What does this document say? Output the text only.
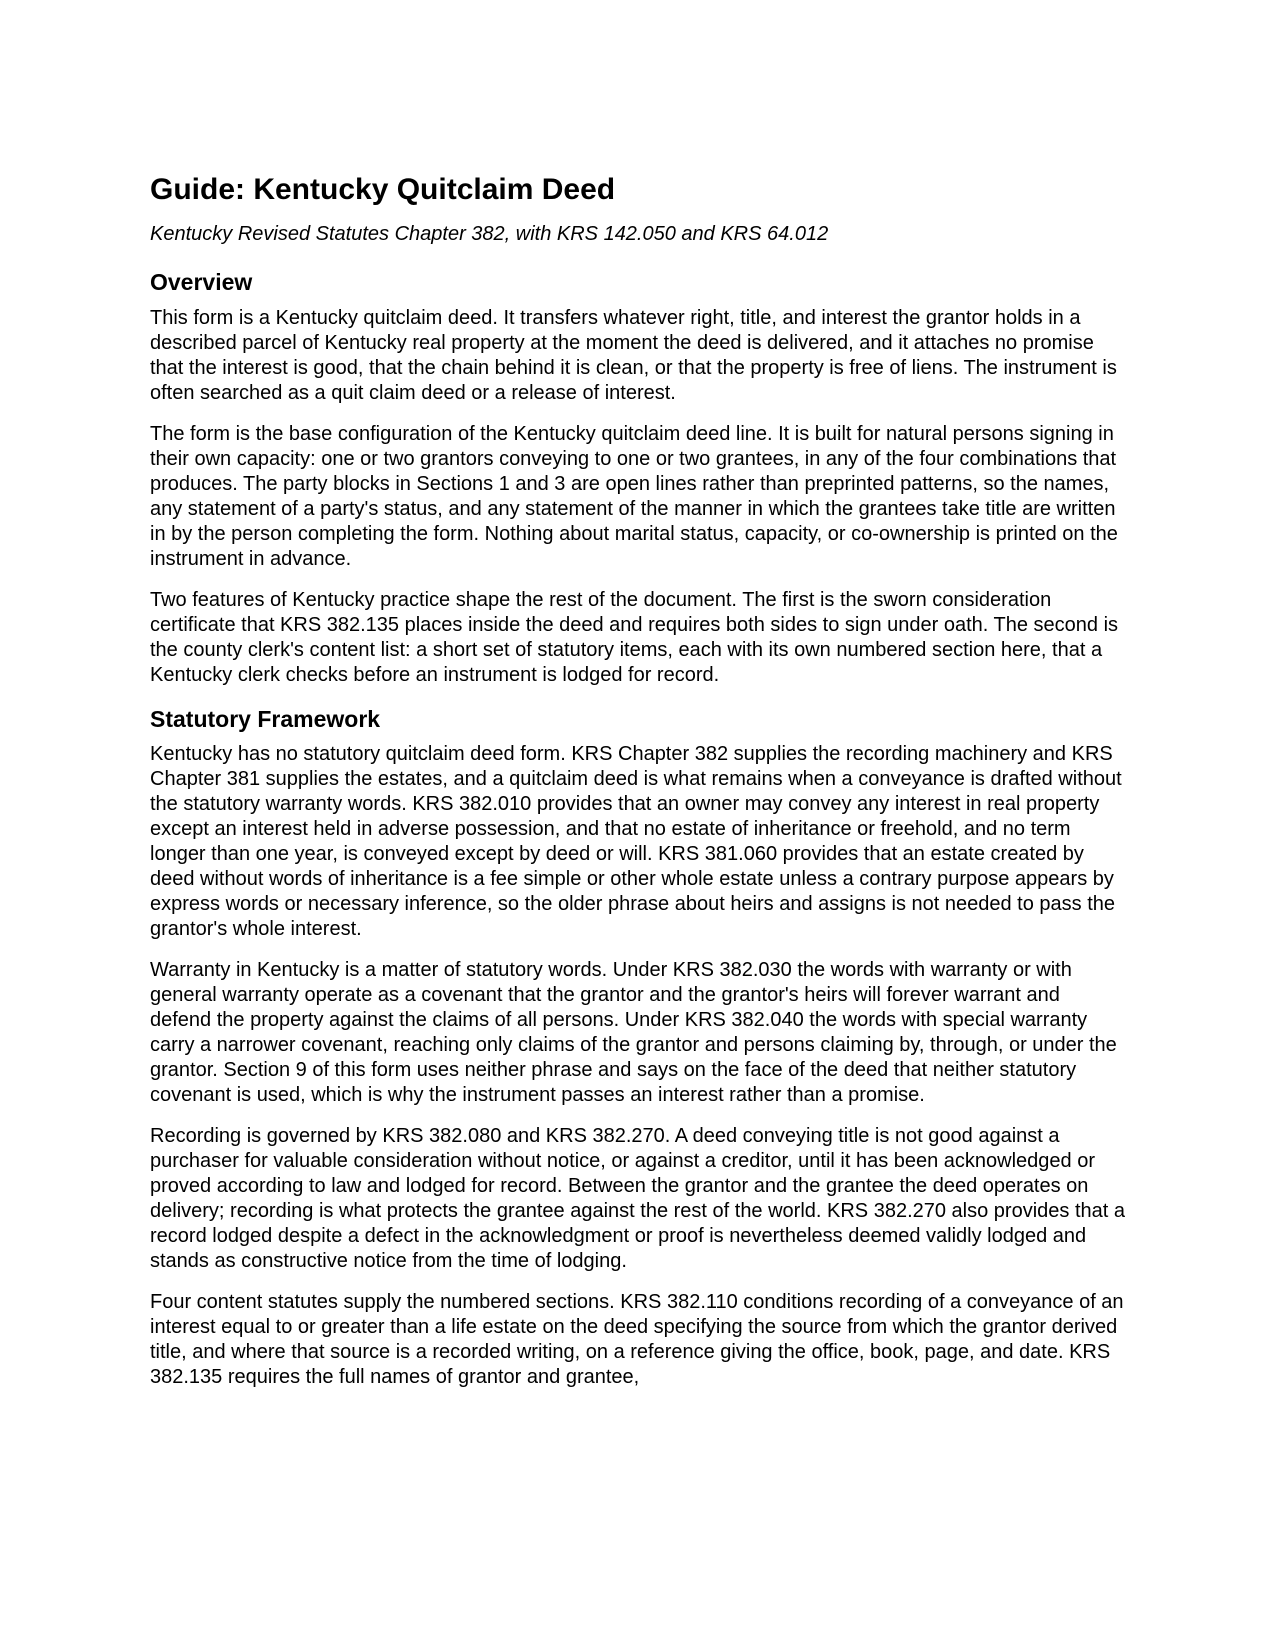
Guide: Kentucky Quitclaim Deed
Kentucky Revised Statutes Chapter 382, with KRS 142.050 and KRS 64.012
Overview

This form is a Kentucky quitclaim deed. It transfers whatever right, title, and interest the grantor holds in a described parcel of Kentucky real property at the moment the deed is delivered, and it attaches no promise that the interest is good, that the chain behind it is clean, or that the property is free of liens. The instrument is often searched as a quit claim deed or a release of interest.

The form is the base configuration of the Kentucky quitclaim deed line. It is built for natural persons signing in their own capacity: one or two grantors conveying to one or two grantees, in any of the four combinations that produces. The party blocks in Sections 1 and 3 are open lines rather than preprinted patterns, so the names, any statement of a party's status, and any statement of the manner in which the grantees take title are written in by the person completing the form. Nothing about marital status, capacity, or co-ownership is printed on the instrument in advance.

Two features of Kentucky practice shape the rest of the document. The first is the sworn consideration certificate that KRS 382.135 places inside the deed and requires both sides to sign under oath. The second is the county clerk's content list: a short set of statutory items, each with its own numbered section here, that a Kentucky clerk checks before an instrument is lodged for record.

Statutory Framework

Kentucky has no statutory quitclaim deed form. KRS Chapter 382 supplies the recording machinery and KRS Chapter 381 supplies the estates, and a quitclaim deed is what remains when a conveyance is drafted without the statutory warranty words. KRS 382.010 provides that an owner may convey any interest in real property except an interest held in adverse possession, and that no estate of inheritance or freehold, and no term longer than one year, is conveyed except by deed or will. KRS 381.060 provides that an estate created by deed without words of inheritance is a fee simple or other whole estate unless a contrary purpose appears by express words or necessary inference, so the older phrase about heirs and assigns is not needed to pass the grantor's whole interest.

Warranty in Kentucky is a matter of statutory words. Under KRS 382.030 the words with warranty or with general warranty operate as a covenant that the grantor and the grantor's heirs will forever warrant and defend the property against the claims of all persons. Under KRS 382.040 the words with special warranty carry a narrower covenant, reaching only claims of the grantor and persons claiming by, through, or under the grantor. Section 9 of this form uses neither phrase and says on the face of the deed that neither statutory covenant is used, which is why the instrument passes an interest rather than a promise.

Recording is governed by KRS 382.080 and KRS 382.270. A deed conveying title is not good against a purchaser for valuable consideration without notice, or against a creditor, until it has been acknowledged or proved according to law and lodged for record. Between the grantor and the grantee the deed operates on delivery; recording is what protects the grantee against the rest of the world. KRS 382.270 also provides that a record lodged despite a defect in the acknowledgment or proof is nevertheless deemed validly lodged and stands as constructive notice from the time of lodging.

Four content statutes supply the numbered sections. KRS 382.110 conditions recording of a conveyance of an interest equal to or greater than a life estate on the deed specifying the source from which the grantor derived title, and where that source is a recorded writing, on a reference giving the office, book, page, and date. KRS 382.135 requires the full names of grantor and grantee,
